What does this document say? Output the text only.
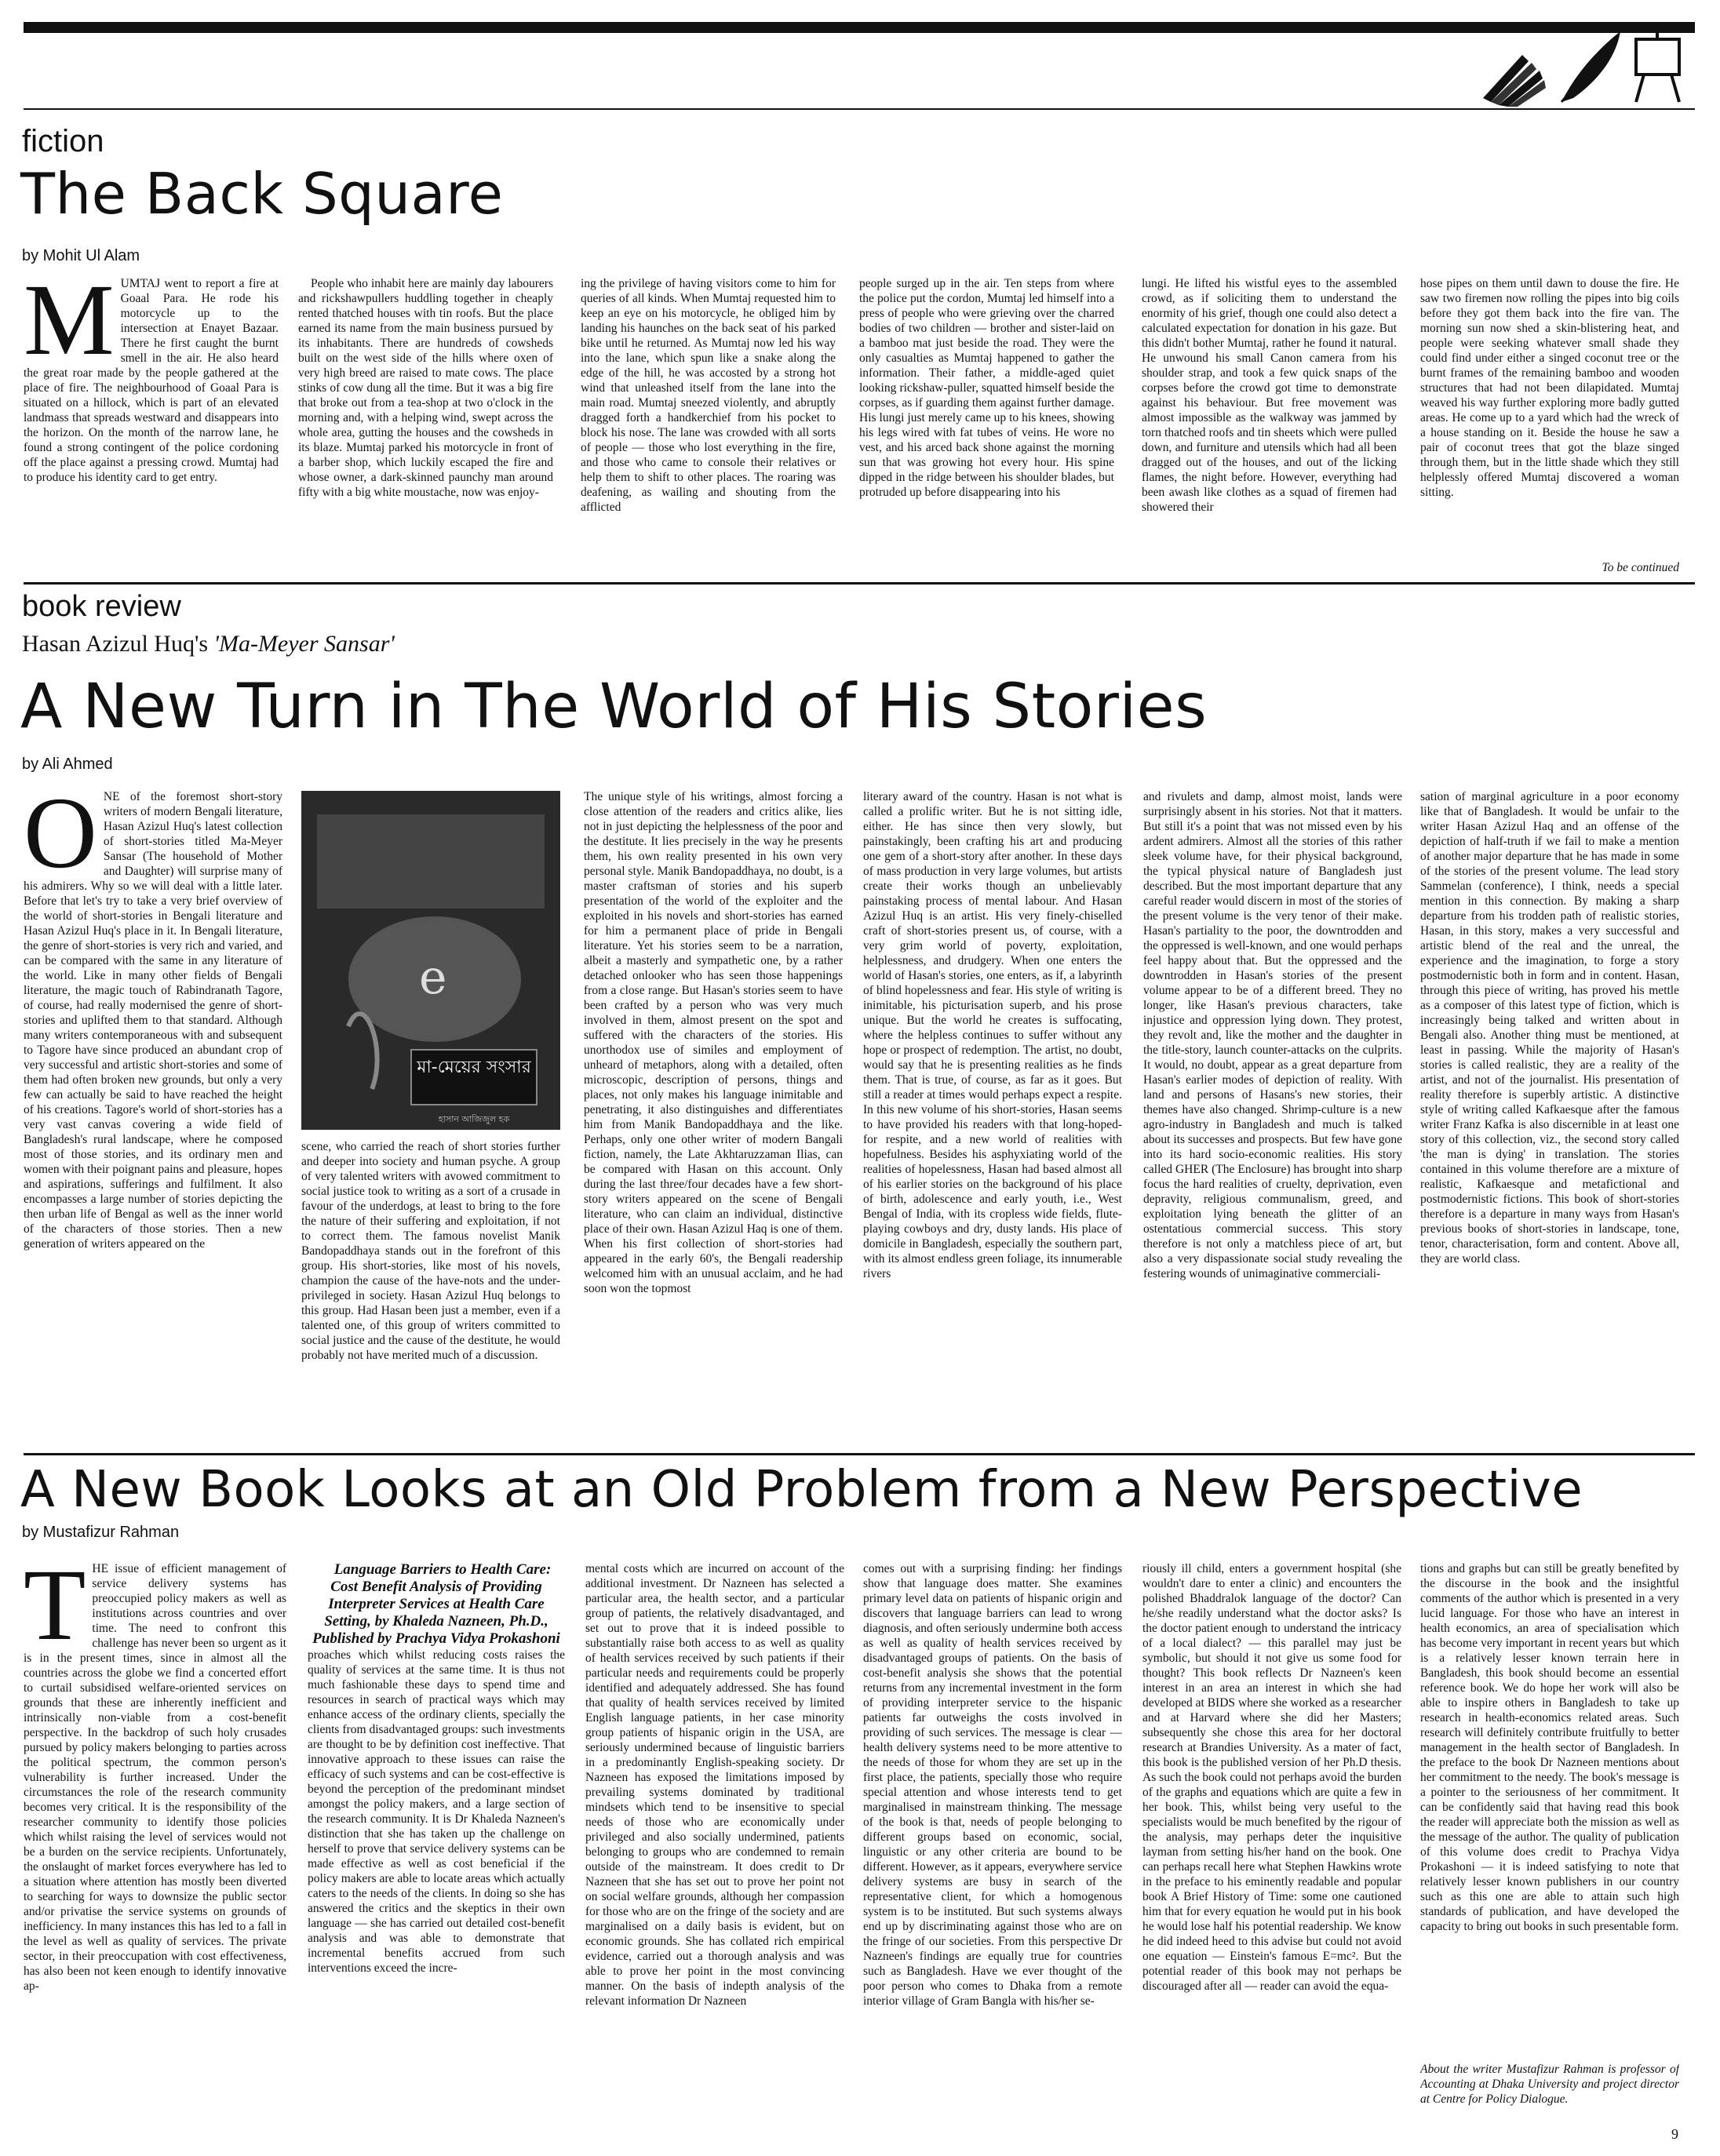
fiction
The Back Square
by Mohit Ul Alam
M UMTAJ went to report a fire at Goaal Para. He rode his motorcycle up to the intersection at Enayet Bazaar. There he first caught the burnt smell in the air. He also heard the great roar made by the people gathered at the place of fire. The neighbourhood of Goaal Para is situated on a hillock, which is part of an elevated landmass that spreads westward and disappears into the horizon. On the month of the narrow lane, he found a strong contingent of the police cordoning off the place against a pressing crowd. Mumtaj had to produce his identity card to get entry.

People who inhabit here are mainly day labourers and rickshawpullers huddling together in cheaply rented thatched houses with tin roofs. But the place earned its name from the main business pursued by its inhabitants. There are hundreds of cowsheds built on the west side of the hills where oxen of very high breed are raised to mate cows. The place stinks of cow dung all the time. But it was a big fire that broke out from a tea-shop at two o'clock in the morning and, with a helping wind, swept across the whole area, gutting the houses and the cowsheds in its blaze. Mumtaj parked his motorcycle in front of a barber shop, which luckily escaped the fire and whose owner, a dark-skinned paunchy man around fifty with a big white moustache, now was enjoy-

ing the privilege of having visitors come to him for queries of all kinds. When Mumtaj requested him to keep an eye on his motorcycle, he obliged him by landing his haunches on the back seat of his parked bike until he returned. As Mumtaj now led his way into the lane, which spun like a snake along the edge of the hill, he was accosted by a strong hot wind that unleashed itself from the lane into the main road. Mumtaj sneezed violently, and abruptly dragged forth a handkerchief from his pocket to block his nose. The lane was crowded with all sorts of people — those who lost everything in the fire, and those who came to console their relatives or help them to shift to other places. The roaring was deafening, as wailing and shouting from the afflicted

people surged up in the air. Ten steps from where the police put the cordon, Mumtaj led himself into a press of people who were grieving over the charred bodies of two children — brother and sister-laid on a bamboo mat just beside the road. They were the only casualties as Mumtaj happened to gather the information. Their father, a middle-aged quiet looking rickshaw-puller, squatted himself beside the corpses, as if guarding them against further damage. His lungi just merely came up to his knees, showing his legs wired with fat tubes of veins. He wore no vest, and his arced back shone against the morning sun that was growing hot every hour. His spine dipped in the ridge between his shoulder blades, but protruded up before disappearing into his

lungi. He lifted his wistful eyes to the assembled crowd, as if soliciting them to understand the enormity of his grief, though one could also detect a calculated expectation for donation in his gaze. But this didn't bother Mumtaj, rather he found it natural. He unwound his small Canon camera from his shoulder strap, and took a few quick snaps of the corpses before the crowd got time to demonstrate against his behaviour. But free movement was almost impossible as the walkway was jammed by torn thatched roofs and tin sheets which were pulled down, and furniture and utensils which had all been dragged out of the houses, and out of the licking flames, the night before. However, everything had been awash like clothes as a squad of firemen had showered their

hose pipes on them until dawn to douse the fire. He saw two firemen now rolling the pipes into big coils before they got them back into the fire van. The morning sun now shed a skin-blistering heat, and people were seeking whatever small shade they could find under either a singed coconut tree or the burnt frames of the remaining bamboo and wooden structures that had not been dilapidated. Mumtaj weaved his way further exploring more badly gutted areas. He come up to a yard which had the wreck of a house standing on it. Beside the house he saw a pair of coconut trees that got the blaze singed through them, but in the little shade which they still helplessly offered Mumtaj discovered a woman sitting.

To be continued
book review
Hasan Azizul Huq's 'Ma-Meyer Sansar'
A New Turn in The World of His Stories
by Ali Ahmed
O NE of the foremost short-story writers of modern Bengali literature, Hasan Azizul Huq's latest collection of short-stories titled Ma-Meyer Sansar (The household of Mother and Daughter) will surprise many of his admirers. Why so we will deal with a little later. Before that let's try to take a very brief overview of the world of short-stories in Bengali literature and Hasan Azizul Huq's place in it. In Bengali literature, the genre of short-stories is very rich and varied, and can be compared with the same in any literature of the world. Like in many other fields of Bengali literature, the magic touch of Rabindranath Tagore, of course, had really modernised the genre of short-stories and uplifted them to that standard. Although many writers contemporaneous with and subsequent to Tagore have since produced an abundant crop of very successful and artistic short-stories and some of them had often broken new grounds, but only a very few can actually be said to have reached the height of his creations. Tagore's world of short-stories has a very vast canvas covering a wide field of Bangladesh's rural landscape, where he composed most of those stories, and its ordinary men and women with their poignant pains and pleasure, hopes and aspirations, sufferings and fulfilment. It also encompasses a large number of stories depicting the then urban life of Bengal as well as the inner world of the characters of those stories. Then a new generation of writers appeared on the

e
মা-মেয়ের সংসার
হাসান আজিজুল হক

scene, who carried the reach of short stories further and deeper into society and human psyche. A group of very talented writers with avowed commitment to social justice took to writing as a sort of a crusade in favour of the underdogs, at least to bring to the fore the nature of their suffering and exploitation, if not to correct them. The famous novelist Manik Bandopaddhaya stands out in the forefront of this group. His short-stories, like most of his novels, champion the cause of the have-nots and the under-privileged in society. Hasan Azizul Huq belongs to this group. Had Hasan been just a member, even if a talented one, of this group of writers committed to social justice and the cause of the destitute, he would probably not have merited much of a discussion.

The unique style of his writings, almost forcing a close attention of the readers and critics alike, lies not in just depicting the helplessness of the poor and the destitute. It lies precisely in the way he presents them, his own reality presented in his own very personal style. Manik Bandopaddhaya, no doubt, is a master craftsman of stories and his superb presentation of the world of the exploiter and the exploited in his novels and short-stories has earned for him a permanent place of pride in Bengali literature. Yet his stories seem to be a narration, albeit a masterly and sympathetic one, by a rather detached onlooker who has seen those happenings from a close range. But Hasan's stories seem to have been crafted by a person who was very much involved in them, almost present on the spot and suffered with the characters of the stories. His unorthodox use of similes and employment of unheard of metaphors, along with a detailed, often microscopic, description of persons, things and places, not only makes his language inimitable and penetrating, it also distinguishes and differentiates him from Manik Bandopaddhaya and the like. Perhaps, only one other writer of modern Bangali fiction, namely, the Late Akhtaruzzaman Ilias, can be compared with Hasan on this account. Only during the last three/four decades have a few short-story writers appeared on the scene of Bengali literature, who can claim an individual, distinctive place of their own. Hasan Azizul Haq is one of them. When his first collection of short-stories had appeared in the early 60's, the Bengali readership welcomed him with an unusual acclaim, and he had soon won the topmost

literary award of the country. Hasan is not what is called a prolific writer. But he is not sitting idle, either. He has since then very slowly, but painstakingly, been crafting his art and producing one gem of a short-story after another. In these days of mass production in very large volumes, but artists create their works though an unbelievably painstaking process of mental labour. And Hasan Azizul Huq is an artist. His very finely-chiselled craft of short-stories present us, of course, with a very grim world of poverty, exploitation, helplessness, and drudgery. When one enters the world of Hasan's stories, one enters, as if, a labyrinth of blind hopelessness and fear. His style of writing is inimitable, his picturisation superb, and his prose unique. But the world he creates is suffocating, where the helpless continues to suffer without any hope or prospect of redemption. The artist, no doubt, would say that he is presenting realities as he finds them. That is true, of course, as far as it goes. But still a reader at times would perhaps expect a respite. In this new volume of his short-stories, Hasan seems to have provided his readers with that long-hoped-for respite, and a new world of realities with hopefulness. Besides his asphyxiating world of the realities of hopelessness, Hasan had based almost all of his earlier stories on the background of his place of birth, adolescence and early youth, i.e., West Bengal of India, with its cropless wide fields, flute-playing cowboys and dry, dusty lands. His place of domicile in Bangladesh, especially the southern part, with its almost endless green foliage, its innumerable rivers

and rivulets and damp, almost moist, lands were surprisingly absent in his stories. Not that it matters. But still it's a point that was not missed even by his ardent admirers. Almost all the stories of this rather sleek volume have, for their physical background, the typical physical nature of Bangladesh just described. But the most important departure that any careful reader would discern in most of the stories of the present volume is the very tenor of their make. Hasan's partiality to the poor, the downtrodden and the oppressed is well-known, and one would perhaps feel happy about that. But the oppressed and the downtrodden in Hasan's stories of the present volume appear to be of a different breed. They no longer, like Hasan's previous characters, take injustice and oppression lying down. They protest, they revolt and, like the mother and the daughter in the title-story, launch counter-attacks on the culprits. It would, no doubt, appear as a great departure from Hasan's earlier modes of depiction of reality. With land and persons of Hasans's new stories, their themes have also changed. Shrimp-culture is a new agro-industry in Bangladesh and much is talked about its successes and prospects. But few have gone into its hard socio-economic realities. His story called GHER (The Enclosure) has brought into sharp focus the hard realities of cruelty, deprivation, even depravity, religious communalism, greed, and exploitation lying beneath the glitter of an ostentatious commercial success. This story therefore is not only a matchless piece of art, but also a very dispassionate social study revealing the festering wounds of unimaginative commerciali-

sation of marginal agriculture in a poor economy like that of Bangladesh. It would be unfair to the writer Hasan Azizul Haq and an offense of the depiction of half-truth if we fail to make a mention of another major departure that he has made in some of the stories of the present volume. The lead story Sammelan (conference), I think, needs a special mention in this connection. By making a sharp departure from his trodden path of realistic stories, Hasan, in this story, makes a very successful and artistic blend of the real and the unreal, the experience and the imagination, to forge a story postmodernistic both in form and in content. Hasan, through this piece of writing, has proved his mettle as a composer of this latest type of fiction, which is increasingly being talked and written about in Bengali also. Another thing must be mentioned, at least in passing. While the majority of Hasan's stories is called realistic, they are a reality of the artist, and not of the journalist. His presentation of reality therefore is superbly artistic. A distinctive style of writing called Kafkaesque after the famous writer Franz Kafka is also discernible in at least one story of this collection, viz., the second story called 'the man is dying' in translation. The stories contained in this volume therefore are a mixture of realistic, Kafkaesque and metafictional and postmodernistic fictions. This book of short-stories therefore is a departure in many ways from Hasan's previous books of short-stories in landscape, tone, tenor, characterisation, form and content. Above all, they are world class.

A New Book Looks at an Old Problem from a New Perspective
by Mustafizur Rahman
T HE issue of efficient management of service delivery systems has preoccupied policy makers as well as institutions across countries and over time. The need to confront this challenge has never been so urgent as it is in the present times, since in almost all the countries across the globe we find a concerted effort to curtail subsidised welfare-oriented services on grounds that these are inherently inefficient and intrinsically non-viable from a cost-benefit perspective. In the backdrop of such holy crusades pursued by policy makers belonging to parties across the political spectrum, the common person's vulnerability is further increased. Under the circumstances the role of the research community becomes very critical. It is the responsibility of the researcher community to identify those policies which whilst raising the level of services would not be a burden on the service recipients. Unfortunately, the onslaught of market forces everywhere has led to a situation where attention has mostly been diverted to searching for ways to downsize the public sector and/or privatise the service systems on grounds of inefficiency. In many instances this has led to a fall in the level as well as quality of services. The private sector, in their preoccupation with cost effectiveness, has also been not keen enough to identify innovative ap-

Language Barriers to Health Care: Cost Benefit Analysis of Providing Interpreter Services at Health Care Setting, by Khaleda Nazneen, Ph.D., Published by Prachya Vidya Prokashoni

proaches which whilst reducing costs raises the quality of services at the same time. It is thus not much fashionable these days to spend time and resources in search of practical ways which may enhance access of the ordinary clients, specially the clients from disadvantaged groups: such investments are thought to be by definition cost ineffective. That innovative approach to these issues can raise the efficacy of such systems and can be cost-effective is beyond the perception of the predominant mindset amongst the policy makers, and a large section of the research community. It is Dr Khaleda Nazneen's distinction that she has taken up the challenge on herself to prove that service delivery systems can be made effective as well as cost beneficial if the policy makers are able to locate areas which actually caters to the needs of the clients. In doing so she has answered the critics and the skeptics in their own language — she has carried out detailed cost-benefit analysis and was able to demonstrate that incremental benefits accrued from such interventions exceed the incre-

mental costs which are incurred on account of the additional investment. Dr Nazneen has selected a particular area, the health sector, and a particular group of patients, the relatively disadvantaged, and set out to prove that it is indeed possible to substantially raise both access to as well as quality of health services received by such patients if their particular needs and requirements could be properly identified and adequately addressed. She has found that quality of health services received by limited English language patients, in her case minority group patients of hispanic origin in the USA, are seriously undermined because of linguistic barriers in a predominantly English-speaking society. Dr Nazneen has exposed the limitations imposed by prevailing systems dominated by traditional mindsets which tend to be insensitive to special needs of those who are economically under privileged and also socially undermined, patients belonging to groups who are condemned to remain outside of the mainstream. It does credit to Dr Nazneen that she has set out to prove her point not on social welfare grounds, although her compassion for those who are on the fringe of the society and are marginalised on a daily basis is evident, but on economic grounds. She has collated rich empirical evidence, carried out a thorough analysis and was able to prove her point in the most convincing manner. On the basis of indepth analysis of the relevant information Dr Nazneen

comes out with a surprising finding: her findings show that language does matter. She examines primary level data on patients of hispanic origin and discovers that language barriers can lead to wrong diagnosis, and often seriously undermine both access as well as quality of health services received by disadvantaged groups of patients. On the basis of cost-benefit analysis she shows that the potential returns from any incremental investment in the form of providing interpreter service to the hispanic patients far outweighs the costs involved in providing of such services. The message is clear — health delivery systems need to be more attentive to the needs of those for whom they are set up in the first place, the patients, specially those who require special attention and whose interests tend to get marginalised in mainstream thinking. The message of the book is that, needs of people belonging to different groups based on economic, social, linguistic or any other criteria are bound to be different. However, as it appears, everywhere service delivery systems are busy in search of the representative client, for which a homogenous system is to be instituted. But such systems always end up by discriminating against those who are on the fringe of our societies. From this perspective Dr Nazneen's findings are equally true for countries such as Bangladesh. Have we ever thought of the poor person who comes to Dhaka from a remote interior village of Gram Bangla with his/her se-

riously ill child, enters a government hospital (she wouldn't dare to enter a clinic) and encounters the polished Bhaddralok language of the doctor? Can he/she readily understand what the doctor asks? Is the doctor patient enough to understand the intricacy of a local dialect? — this parallel may just be symbolic, but should it not give us some food for thought? This book reflects Dr Nazneen's keen interest in an area an interest in which she had developed at BIDS where she worked as a researcher and at Harvard where she did her Masters; subsequently she chose this area for her doctoral research at Brandies University. As a mater of fact, this book is the published version of her Ph.D thesis. As such the book could not perhaps avoid the burden of the graphs and equations which are quite a few in her book. This, whilst being very useful to the specialists would be much benefited by the rigour of the analysis, may perhaps deter the inquisitive layman from setting his/her hand on the book. One can perhaps recall here what Stephen Hawkins wrote in the preface to his eminently readable and popular book A Brief History of Time: some one cautioned him that for every equation he would put in his book he would lose half his potential readership. We know he did indeed heed to this advise but could not avoid one equation — Einstein's famous E=mc². But the potential reader of this book may not perhaps be discouraged after all — reader can avoid the equa-

tions and graphs but can still be greatly benefited by the discourse in the book and the insightful comments of the author which is presented in a very lucid language. For those who have an interest in health economics, an area of specialisation which has become very important in recent years but which is a relatively lesser known terrain here in Bangladesh, this book should become an essential reference book. We do hope her work will also be able to inspire others in Bangladesh to take up research in health-economics related areas. Such research will definitely contribute fruitfully to better management in the health sector of Bangladesh. In the preface to the book Dr Nazneen mentions about her commitment to the needy. The book's message is a pointer to the seriousness of her commitment. It can be confidently said that having read this book the reader will appreciate both the mission as well as the message of the author. The quality of publication of this volume does credit to Prachya Vidya Prokashoni — it is indeed satisfying to note that relatively lesser known publishers in our country such as this one are able to attain such high standards of publication, and have developed the capacity to bring out books in such presentable form.

About the writer Mustafizur Rahman is professor of Accounting at Dhaka University and project director at Centre for Policy Dialogue.
9
